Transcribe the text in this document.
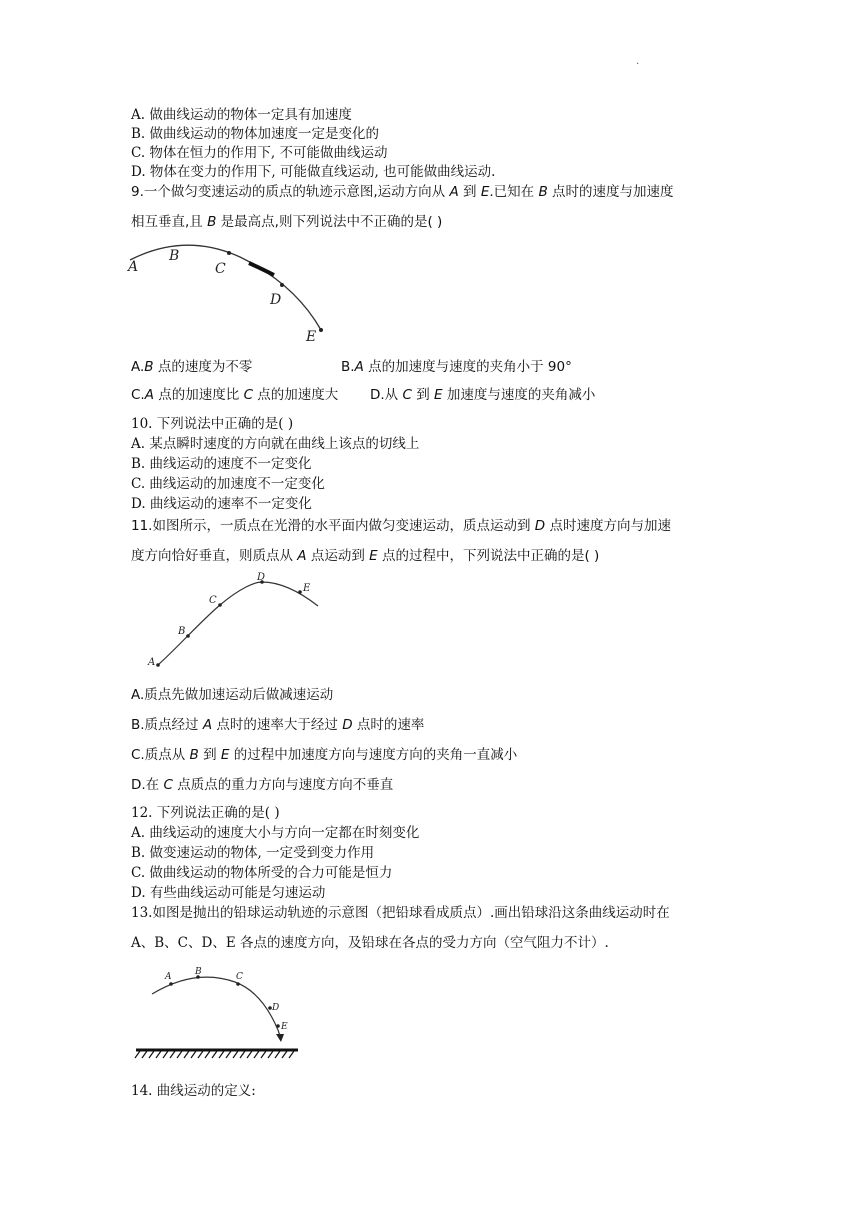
.
A. 做曲线运动的物体一定具有加速度
B. 做曲线运动的物体加速度一定是变化的
C. 物体在恒力的作用下, 不可能做曲线运动
D. 物体在变力的作用下, 可能做直线运动, 也可能做曲线运动.
9.一个做匀变速运动的质点的轨迹示意图,运动方向从 A 到 E.已知在 B 点时的速度与加速度
相互垂直,且 B 是最高点,则下列说法中不正确的是( )
A
B
C
D
E
A.B 点的速度为不零	B.A 点的加速度与速度的夹角小于 90°
C.A 点的加速度比 C 点的加速度大 D.从 C 到 E 加速度与速度的夹角减小
10. 下列说法中正确的是( )
A. 某点瞬时速度的方向就在曲线上该点的切线上
B. 曲线运动的速度不一定变化
C. 曲线运动的加速度不一定变化
D. 曲线运动的速率不一定变化
11.如图所示，一质点在光滑的水平面内做匀变速运动，质点运动到 D 点时速度方向与加速
度方向恰好垂直，则质点从 A 点运动到 E 点的过程中，下列说法中正确的是( )
A
B
C
D
E
A.质点先做加速运动后做减速运动
B.质点经过 A 点时的速率大于经过 D 点时的速率
C.质点从 B 到 E 的过程中加速度方向与速度方向的夹角一直减小
D.在 C 点质点的重力方向与速度方向不垂直
12. 下列说法正确的是( )
A. 曲线运动的速度大小与方向一定都在时刻变化
B. 做变速运动的物体, 一定受到变力作用
C. 做曲线运动的物体所受的合力可能是恒力
D. 有些曲线运动可能是匀速运动
13.如图是抛出的铅球运动轨迹的示意图（把铅球看成质点）.画出铅球沿这条曲线运动时在
A、B、C、D、E 各点的速度方向，及铅球在各点的受力方向（空气阻力不计）.
A	B	C
D
E
14. 曲线运动的定义:
